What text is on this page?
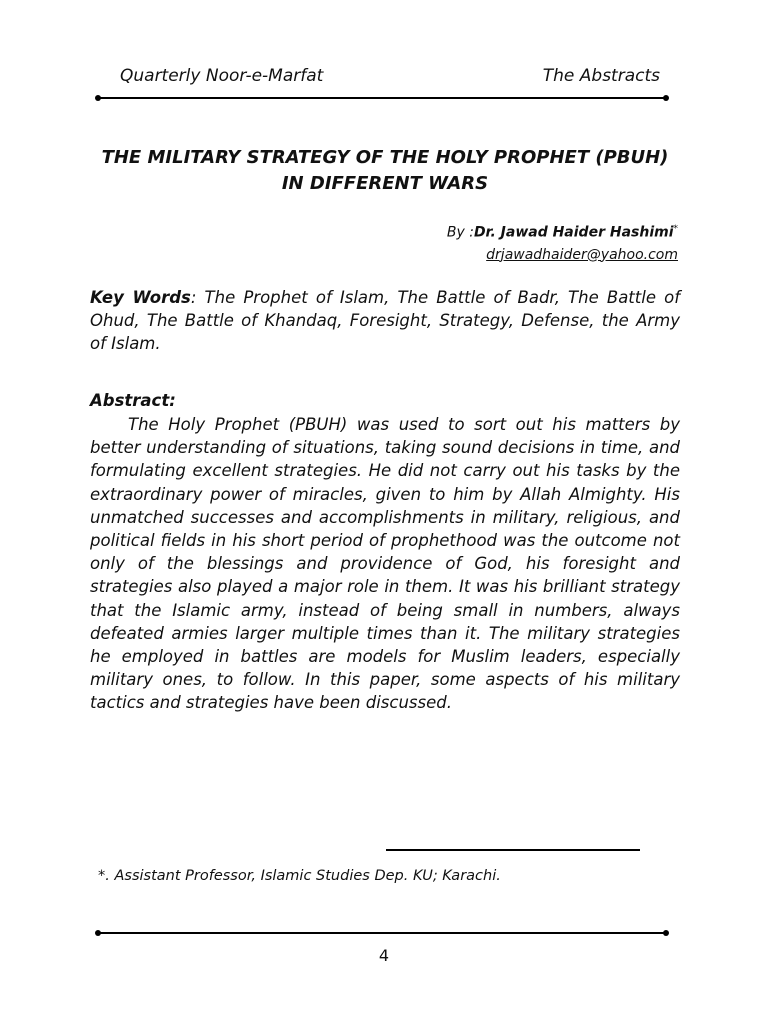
Quarterly Noor-e-Marfat	The Abstracts
THE MILITARY STRATEGY OF THE HOLY PROPHET (PBUH)
IN DIFFERENT WARS
By :Dr. Jawad Haider Hashimi*
drjawadhaider@yahoo.com
Key Words: The Prophet of Islam, The Battle of Badr, The Battle of Ohud, The Battle of Khandaq, Foresight, Strategy, Defense, the Army of Islam.
Abstract:

The Holy Prophet (PBUH) was used to sort out his matters by better understanding of situations, taking sound decisions in time, and formulating excellent strategies. He did not carry out his tasks by the extraordinary power of miracles, given to him by Allah Almighty. His unmatched successes and accomplishments in military, religious, and political fields in his short period of prophethood was the outcome not only of the blessings and providence of God, his foresight and strategies also played a major role in them. It was his brilliant strategy that the Islamic army, instead of being small in numbers, always defeated armies larger multiple times than it. The military strategies he employed in battles are models for Muslim leaders, especially military ones, to follow. In this paper, some aspects of his military tactics and strategies have been discussed.

*. Assistant Professor, Islamic Studies Dep. KU; Karachi.
4
